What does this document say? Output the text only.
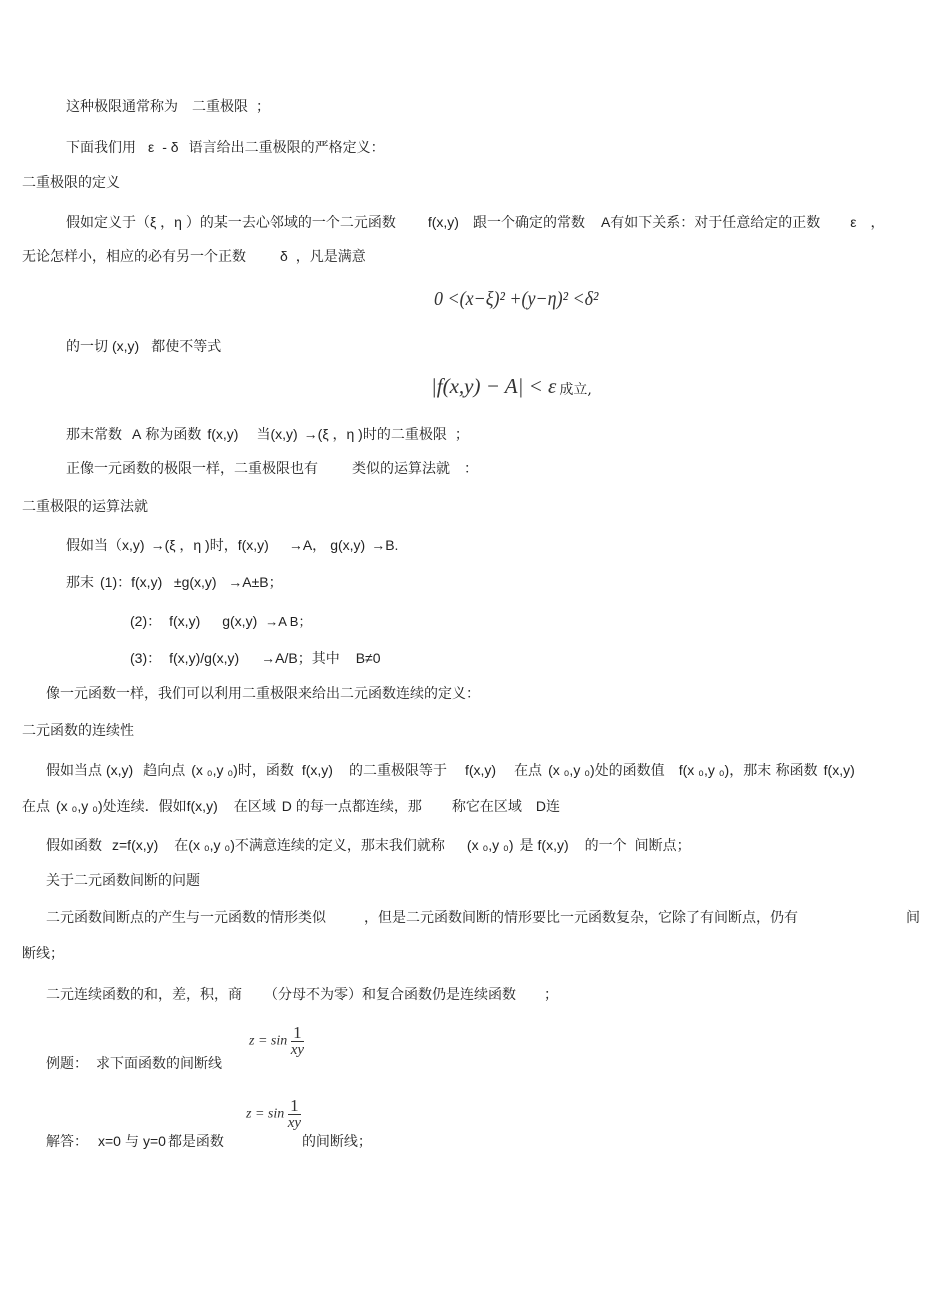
这种极限通常称为 二重极限 ；
下面我们用 ε - δ 语言给出二重极限的严格定义：
二重极限的定义
假如定义于（ξ ，η ）的某一去心邻域的一个二元函数 f(x,y) 跟一个确定的常数 A有如下关系：对于任意给定的正数 ε ，
无论怎样小，相应的必有另一个正数 δ ，凡是满意
0 <(x−ξ)² +(y−η)² <δ²
的一切 (x,y) 都使不等式
|f(x,y) − A| < ε 成立,
那末常数 A 称为函数 f(x,y) 当(x,y) →(ξ ，η )时的二重极限 ；
正像一元函数的极限一样，二重极限也有 类似的运算法就 ：
二重极限的运算法就
假如当（x,y) →(ξ ，η )时，f(x,y) →A， g(x,y) →B.
那末 (1)：f(x,y)   ±g(x,y)   →A±B；
(2)： f(x,y) g(x,y) →A B；
(3)： f(x,y)/g(x,y) →A/B；其中 B≠0
像一元函数一样，我们可以利用二重极限来给出二元函数连续的定义：
二元函数的连续性
假如当点 (x,y) 趋向点 (x ₀,y ₀)时，函数 f(x,y) 的二重极限等于 f(x,y) 在点 (x ₀,y ₀)处的函数值 f(x ₀,y ₀)，那末 称函数 f(x,y)
在点 (x ₀,y ₀)处连续．假如f(x,y) 在区域 D 的每一点都连续，那 称它在区域 D连
假如函数 z=f(x,y) 在(x ₀,y ₀)不满意连续的定义，那末我们就称 (x ₀,y ₀) 是 f(x,y) 的一个 间断点；
关于二元函数间断的问题
二元函数间断点的产生与一元函数的情形类似	，但是二元函数间断的情形要比一元函数复杂，它除了有间断点，仍有	间
断线；
二元连续函数的和，差，积，商 （分母不为零）和复合函数仍是连续函数 ；
例题： 求下面函数的间断线
$z = \sin \frac{1}{xy}$
解答： x=0 与 y=0 都是函数	的间断线；
$z = \sin \frac{1}{xy}$
